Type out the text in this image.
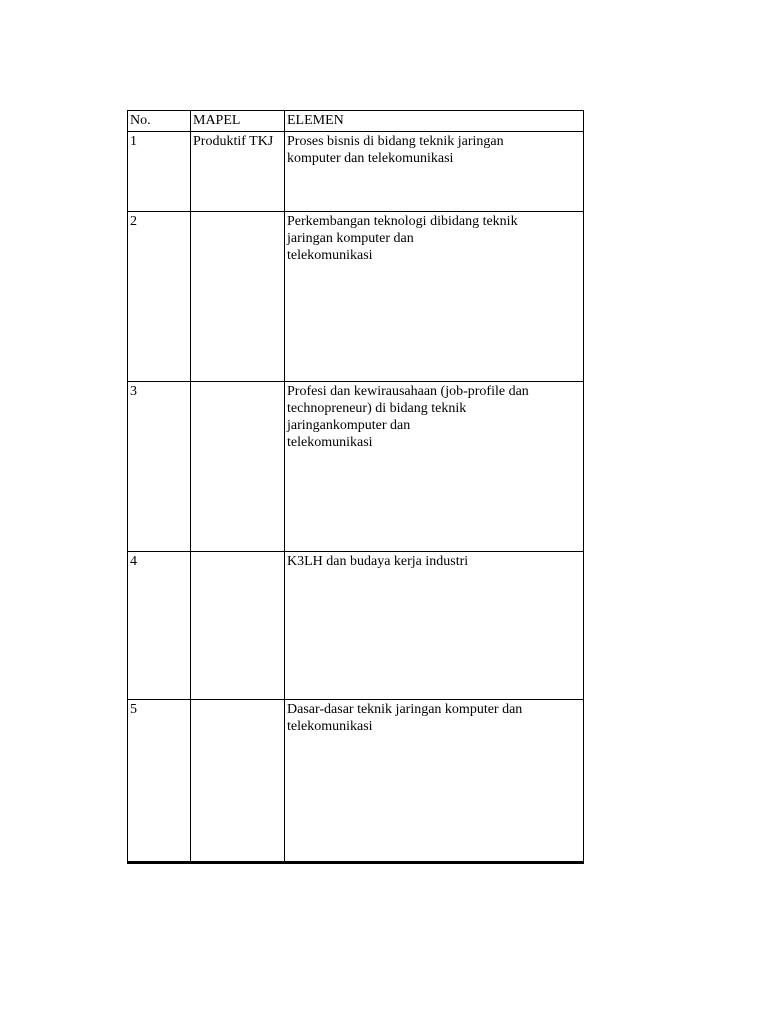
No.	MAPEL	ELEMEN
1	Produktif TKJ	Proses bisnis di bidang teknik jaringan
komputer dan telekomunikasi
2		Perkembangan teknologi dibidang teknik
jaringan komputer dan
telekomunikasi
3		Profesi dan kewirausahaan (job-profile dan
technopreneur) di bidang teknik
jaringankomputer dan
telekomunikasi
4		K3LH dan budaya kerja industri
5		Dasar-dasar teknik jaringan komputer dan
telekomunikasi
